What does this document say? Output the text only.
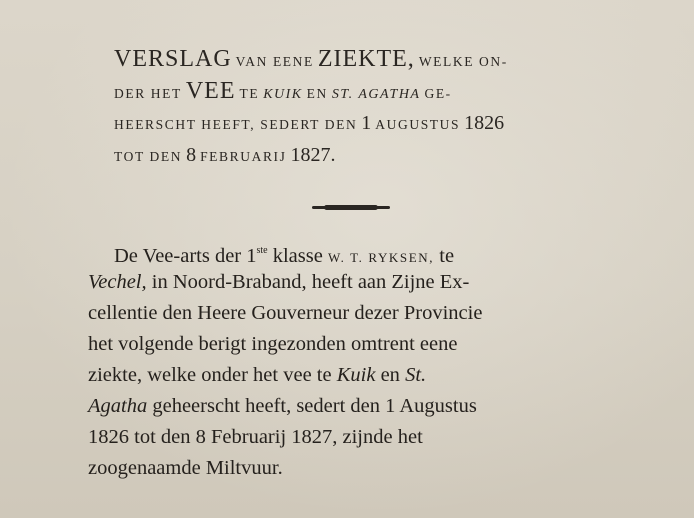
VERSLAG VAN EENE ZIEKTE, WELKE ON-
DER HET VEE TE KUIK EN ST. AGATHA GE-
HEERSCHT HEEFT, SEDERT DEN 1 AUGUSTUS 1826
TOT DEN 8 FEBRUARIJ 1827.
De Vee-arts der 1ste klasse W. T. RYKSEN, te
Vechel, in Noord-Braband, heeft aan Zijne Ex-
cellentie den Heere Gouverneur dezer Provincie
het volgende berigt ingezonden omtrent eene
ziekte, welke onder het vee te Kuik en St.
Agatha geheerscht heeft, sedert den 1 Augustus
1826 tot den 8 Februarij 1827, zijnde het
zoogenaamde Miltvuur.
